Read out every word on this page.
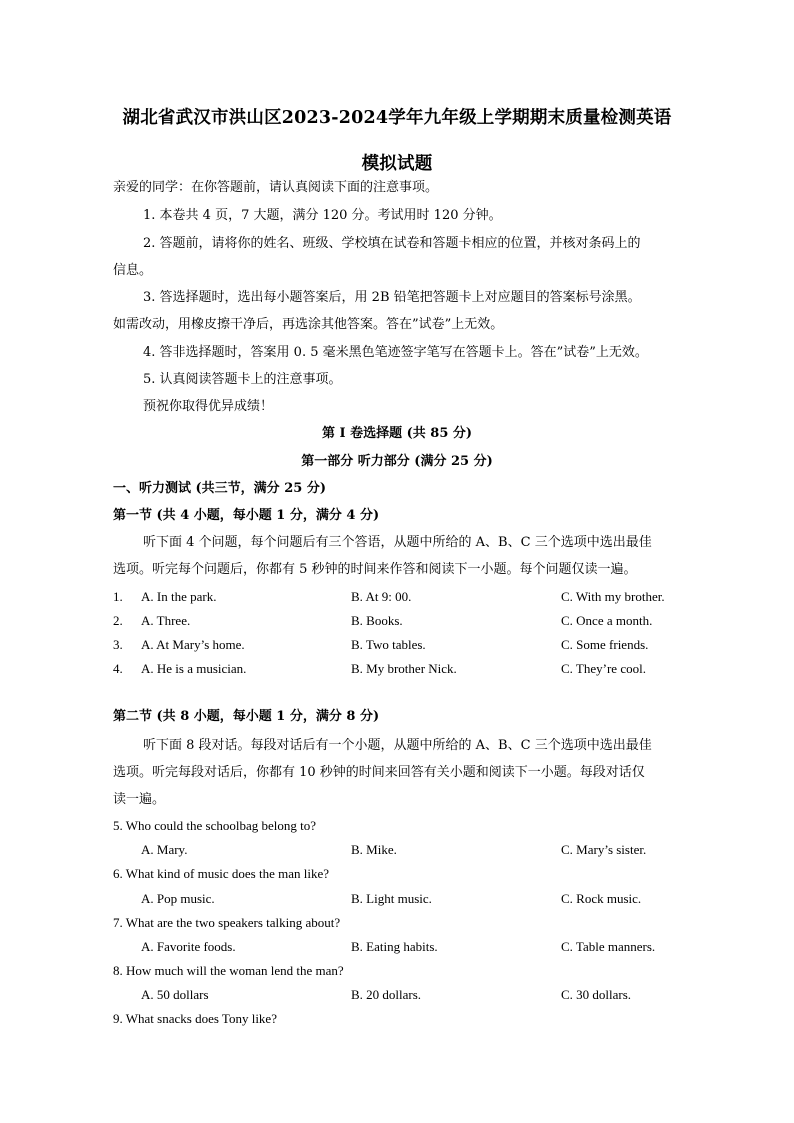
湖北省武汉市洪山区2023-2024学年九年级上学期期末质量检测英语
模拟试题
亲爱的同学：在你答题前，请认真阅读下面的注意事项。
1. 本卷共 4 页，7 大题，满分 120 分。考试用时 120 分钟。
2. 答题前，请将你的姓名、班级、学校填在试卷和答题卡相应的位置，并核对条码上的
信息。
3. 答选择题时，选出每小题答案后，用 2B 铅笔把答题卡上对应题目的答案标号涂黑。
如需改动，用橡皮擦干净后，再选涂其他答案。答在”试卷”上无效。
4. 答非选择题时，答案用 0. 5 毫米黑色笔迹签字笔写在答题卡上。答在”试卷”上无效。
5. 认真阅读答题卡上的注意事项。
预祝你取得优异成绩！
第 I 卷选择题 (共 85 分)
第一部分 听力部分 (满分 25 分)
一、听力测试 (共三节，满分 25 分)
第一节 (共 4 小题，每小题 1 分，满分 4 分)
听下面 4 个问题，每个问题后有三个答语，从题中所给的 A、B、C 三个选项中选出最佳
选项。听完每个问题后，你都有 5 秒钟的时间来作答和阅读下一小题。每个问题仅读一遍。
1. A. In the park.	B. At 9: 00.	C. With my brother.
2. A. Three.	B. Books.	C. Once a month.
3. A. At Mary’s home.	B. Two tables.	C. Some friends.
4. A. He is a musician.	B. My brother Nick.	C. They’re cool.
第二节 (共 8 小题，每小题 1 分，满分 8 分)
听下面 8 段对话。每段对话后有一个小题，从题中所给的 A、B、C 三个选项中选出最佳
选项。听完每段对话后，你都有 10 秒钟的时间来回答有关小题和阅读下一小题。每段对话仅
读一遍。
5. Who could the schoolbag belong to?
A. Mary.	B. Mike.	C. Mary’s sister.
6. What kind of music does the man like?
A. Pop music.	B. Light music.	C. Rock music.
7. What are the two speakers talking about?
A. Favorite foods.	B. Eating habits.	C. Table manners.
8. How much will the woman lend the man?
A. 50 dollars	B. 20 dollars.	C. 30 dollars.
9. What snacks does Tony like?
